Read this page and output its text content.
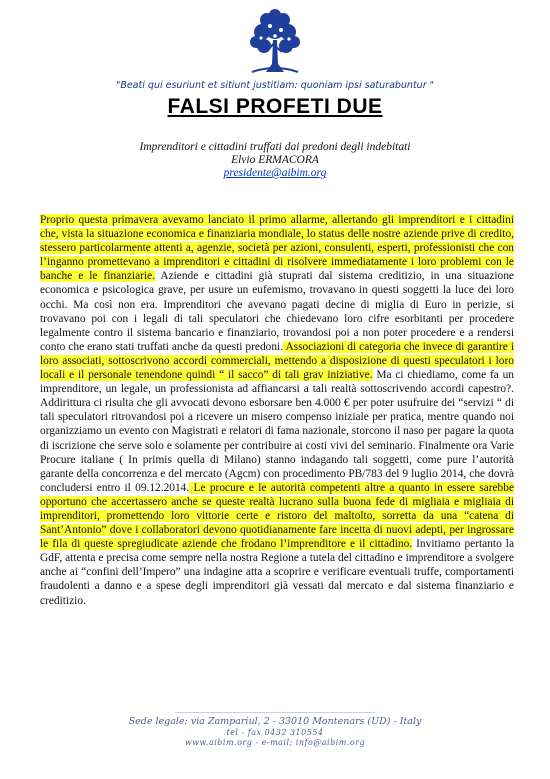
"Beati qui esuriunt et sitiunt justitiam: quoniam ipsi saturabuntur "
FALSI PROFETI DUE
Imprenditori e cittadini truffati dai predoni degli indebitati
Elvio ERMACORA
presidente@aibim.org
Proprio questa primavera avevamo lanciato il primo allarme, allertando gli imprenditori e i cittadini che, vista la situazione economica e finanziaria mondiale, lo status delle nostre aziende prive di credito, stessero particolarmente attenti a, agenzie, società per azioni, consulenti, esperti, professionisti che con l’inganno promettevano a imprenditori e cittadini di risolvere immediatamente i loro problemi con le banche e le finanziarie. Aziende e cittadini già stuprati dal sistema creditizio, in una situazione economica e psicologica grave, per usure un eufemismo, trovavano in questi soggetti la luce dei loro occhi. Ma così non era. Imprenditori che avevano pagati decine di miglia di Euro in perizie, si trovavano poi con i legali di tali speculatori che chiedevano loro cifre esorbitanti per procedere legalmente contro il sistema bancario e finanziario, trovandosi poi a non poter procedere e a rendersi conto che erano stati truffati anche da questi predoni. Associazioni di categoria che invece di garantire i loro associati, sottoscrivono accordi commerciali, mettendo a disposizione di questi speculatori i loro locali e il personale tenendone quindi “ il sacco” di tali grav iniziative. Ma ci chiediamo, come fa un imprenditore, un legale, un professionista ad affiancarsi a tali realtà sottoscrivendo accordi capestro?. Addirittura ci risulta che gli avvocati devono esborsare ben 4.000 € per poter usufruire dei “servizi “ di tali speculatori ritrovandosi poi a ricevere un misero compenso iniziale per pratica, mentre quando noi organizziamo un evento con Magistrati e relatori di fama nazionale, storcono il naso per pagare la quota di iscrizione che serve solo e solamente per contribuire ai costi vivi del seminario. Finalmente ora Varie Procure italiane ( In primis quella di Milano) stanno indagando tali soggetti, come pure l’autorità garante della concorrenza e del mercato (Agcm) con procedimento PB/783 del 9 luglio 2014, che dovrà concludersi entro il 09.12.2014. Le procure e le autorità competenti altre a quanto in essere sarebbe opportuno che accertassero anche se queste realtà lucrano sulla buona fede di migliaia e migliaia di imprenditori, promettendo loro vittorie certe e ristoro del maltolto, sorretta da una “catena di Sant’Antonio” dove i collaboratori devono quotidianamente fare incetta di nuovi adepti, per ingrossare le fila di queste spregiudicate aziende che frodano l’imprenditore e il cittadino. Invitiamo pertanto la GdF, attenta e precisa come sempre nella nostra Regione a tutela del cittadino e imprenditore a svolgere anche ai “confini dell’Impero” una indagine atta a scoprire e verificare eventuali truffe, comportamenti fraudolenti a danno e a spese degli imprenditori già vessati dal mercato e dal sistema finanziario e creditizio.
Sede legale: via Zampariul, 2 - 33010 Montenars (UD) - Italy
tel - fax 0432 310554
www.aibim.org - e-mail: info@aibim.org
